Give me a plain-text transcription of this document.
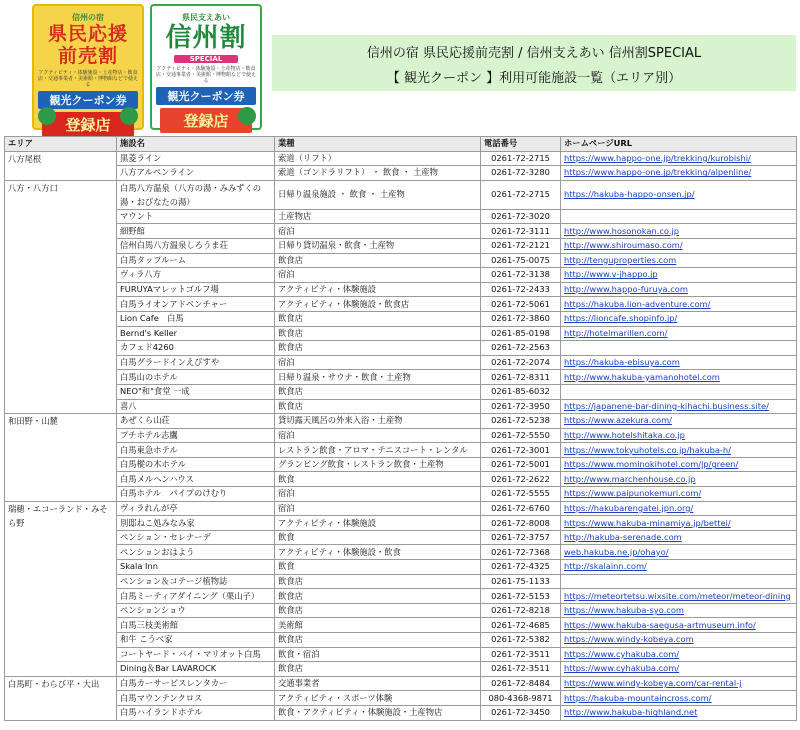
信州の宿
県民応援
前売割
アクティビティ・体験施設・土産物店・飲食店・交通事業者・美術館・博物館などで使える
観光クーポン券
登録店
県民支えあい
信州割
SPECIAL
アクティビティ・体験施設・土産物店・飲食店・交通事業者・美術館・博物館などで使える
観光クーポン券
登録店
信州の宿 県民応援前売割 / 信州支えあい 信州割SPECIAL
【 観光クーポン 】利用可能施設一覧（エリア別）
エリア	施設名	業種	電話番号	ホームページURL
八方尾根	黒菱ライン	索道（リフト）	0261-72-2715	https://www.happo-one.jp/trekking/kurobishi/
	八方アルペンライン	索道（ゴンドラリフト） ・ 飲食 ・ 土産物	0261-72-3280	https://www.happo-one.jp/trekking/alpenline/
八方・八方口	白馬八方温泉（八方の湯・みみずくの湯・おびなたの湯）	日帰り温泉施設 ・ 飲食 ・ 土産物	0261-72-2715	https://hakuba-happo-onsen.jp/
	マウント	土産物店	0261-72-3020	
	細野館	宿泊	0261-72-3111	http://www.hosonokan.co.jp
	信州白馬八方温泉しろうま荘	日帰り貸切温泉・飲食・土産物	0261-72-2121	http://www.shiroumaso.com/
	白馬タップルーム	飲食店	0261-75-0075	http://tenguproperties.com
	ヴィラ八方	宿泊	0261-72-3138	http://www.v-jhappo.jp
	FURUYAマレットゴルフ場	アクティビティ・体験施設	0261-72-2433	http://www.happo-furuya.com
	白馬ライオンアドベンチャー	アクティビティ・体験施設・飲食店	0261-72-5061	https://hakuba.lion-adventure.com/
	Lion Cafe　白馬	飲食店	0261-72-3860	https://lioncafe.shopinfo.jp/
	Bernd's Keller	飲食店	0261-85-0198	http://hotelmarillen.com/
	カフェド4260	飲食店	0261-72-2563	
	白馬グラードインえびすや	宿泊	0261-72-2074	https://hakuba-ebisuya.com
	白馬山のホテル	日帰り温泉・サウナ・飲食・土産物	0261-72-8311	http://www.hakuba-yamanohotel.com
	NEO"和"食堂 一成	飲食店	0261-85-6032	
	喜八	飲食店	0261-72-3950	https://japanene-bar-dining-kihachi.business.site/
和田野・山麓	あぜくら山荘	貸切露天風呂の外来入浴・土産物	0261-72-5238	https://www.azekura.com/
	プチホテル志鷹	宿泊	0261-72-5550	http://www.hotelshitaka.co.jp
	白馬東急ホテル	レストラン飲食・アロマ・テニスコート・レンタル	0261-72-3001	https://www.tokyuhotels.co.jp/hakuba-h/
	白馬樅の木ホテル	グランピング飲食・レストラン飲食・土産物	0261-72-5001	https://www.mominokihotel.com/jp/green/
	白馬メルヘンハウス	飲食	0261-72-2622	http://www.marchenhouse.co.jp
	白馬ホテル　パイプのけむり	宿泊	0261-72-5555	https://www.paipunokemuri.com/
瑞穂・エコーランド・みそら野	ヴィラれんが亭	宿泊	0261-72-6760	https://hakubarengatei.jpn.org/
	別邸ねこ処みなみ家	アクティビティ・体験施設	0261-72-8008	https://www.hakuba-minamiya.jp/bettei/
	ペンション・セレナーデ	飲食	0261-72-3757	http://hakuba-serenade.com
	ペンションおはよう	アクティビティ・体験施設・飲食	0261-72-7368	web.hakuba.ne.jp/ohayo/
	Skala Inn	飲食	0261-72-4325	http://skalainn.com/
	ペンション＆コテージ植物誌	飲食店	0261-75-1133	
	白馬ミーティアダイニング（栗山子）	飲食店	0261-72-5153	https://meteortetsu.wixsite.com/meteor/meteor-dining
	ペンションショウ	飲食店	0261-72-8218	https://www.hakuba-syo.com
	白馬三枝美術館	美術館	0261-72-4685	https://www.hakuba-saegusa-artmuseum.info/
	和牛 こうべ家	飲食店	0261-72-5382	https://www.windy-kobeya.com
	コートヤード・バイ・マリオット白馬	飲食・宿泊	0261-72-3511	https://www.cyhakuba.com/
	Dining＆Bar LAVAROCK	飲食店	0261-72-3511	https://www.cyhakuba.com/
白馬町・わらび平・大出	白馬カーサービスレンタカー	交通事業者	0261-72-8484	https://www.windy-kobeya.com/car-rental-j
	白馬マウンテンクロス	アクティビティ・スポーツ体験	080-4368-9871	https://hakuba-mountaincross.com/
	白馬ハイランドホテル	飲食・アクティビティ・体験施設・土産物店	0261-72-3450	http://www.hakuba-highland.net
